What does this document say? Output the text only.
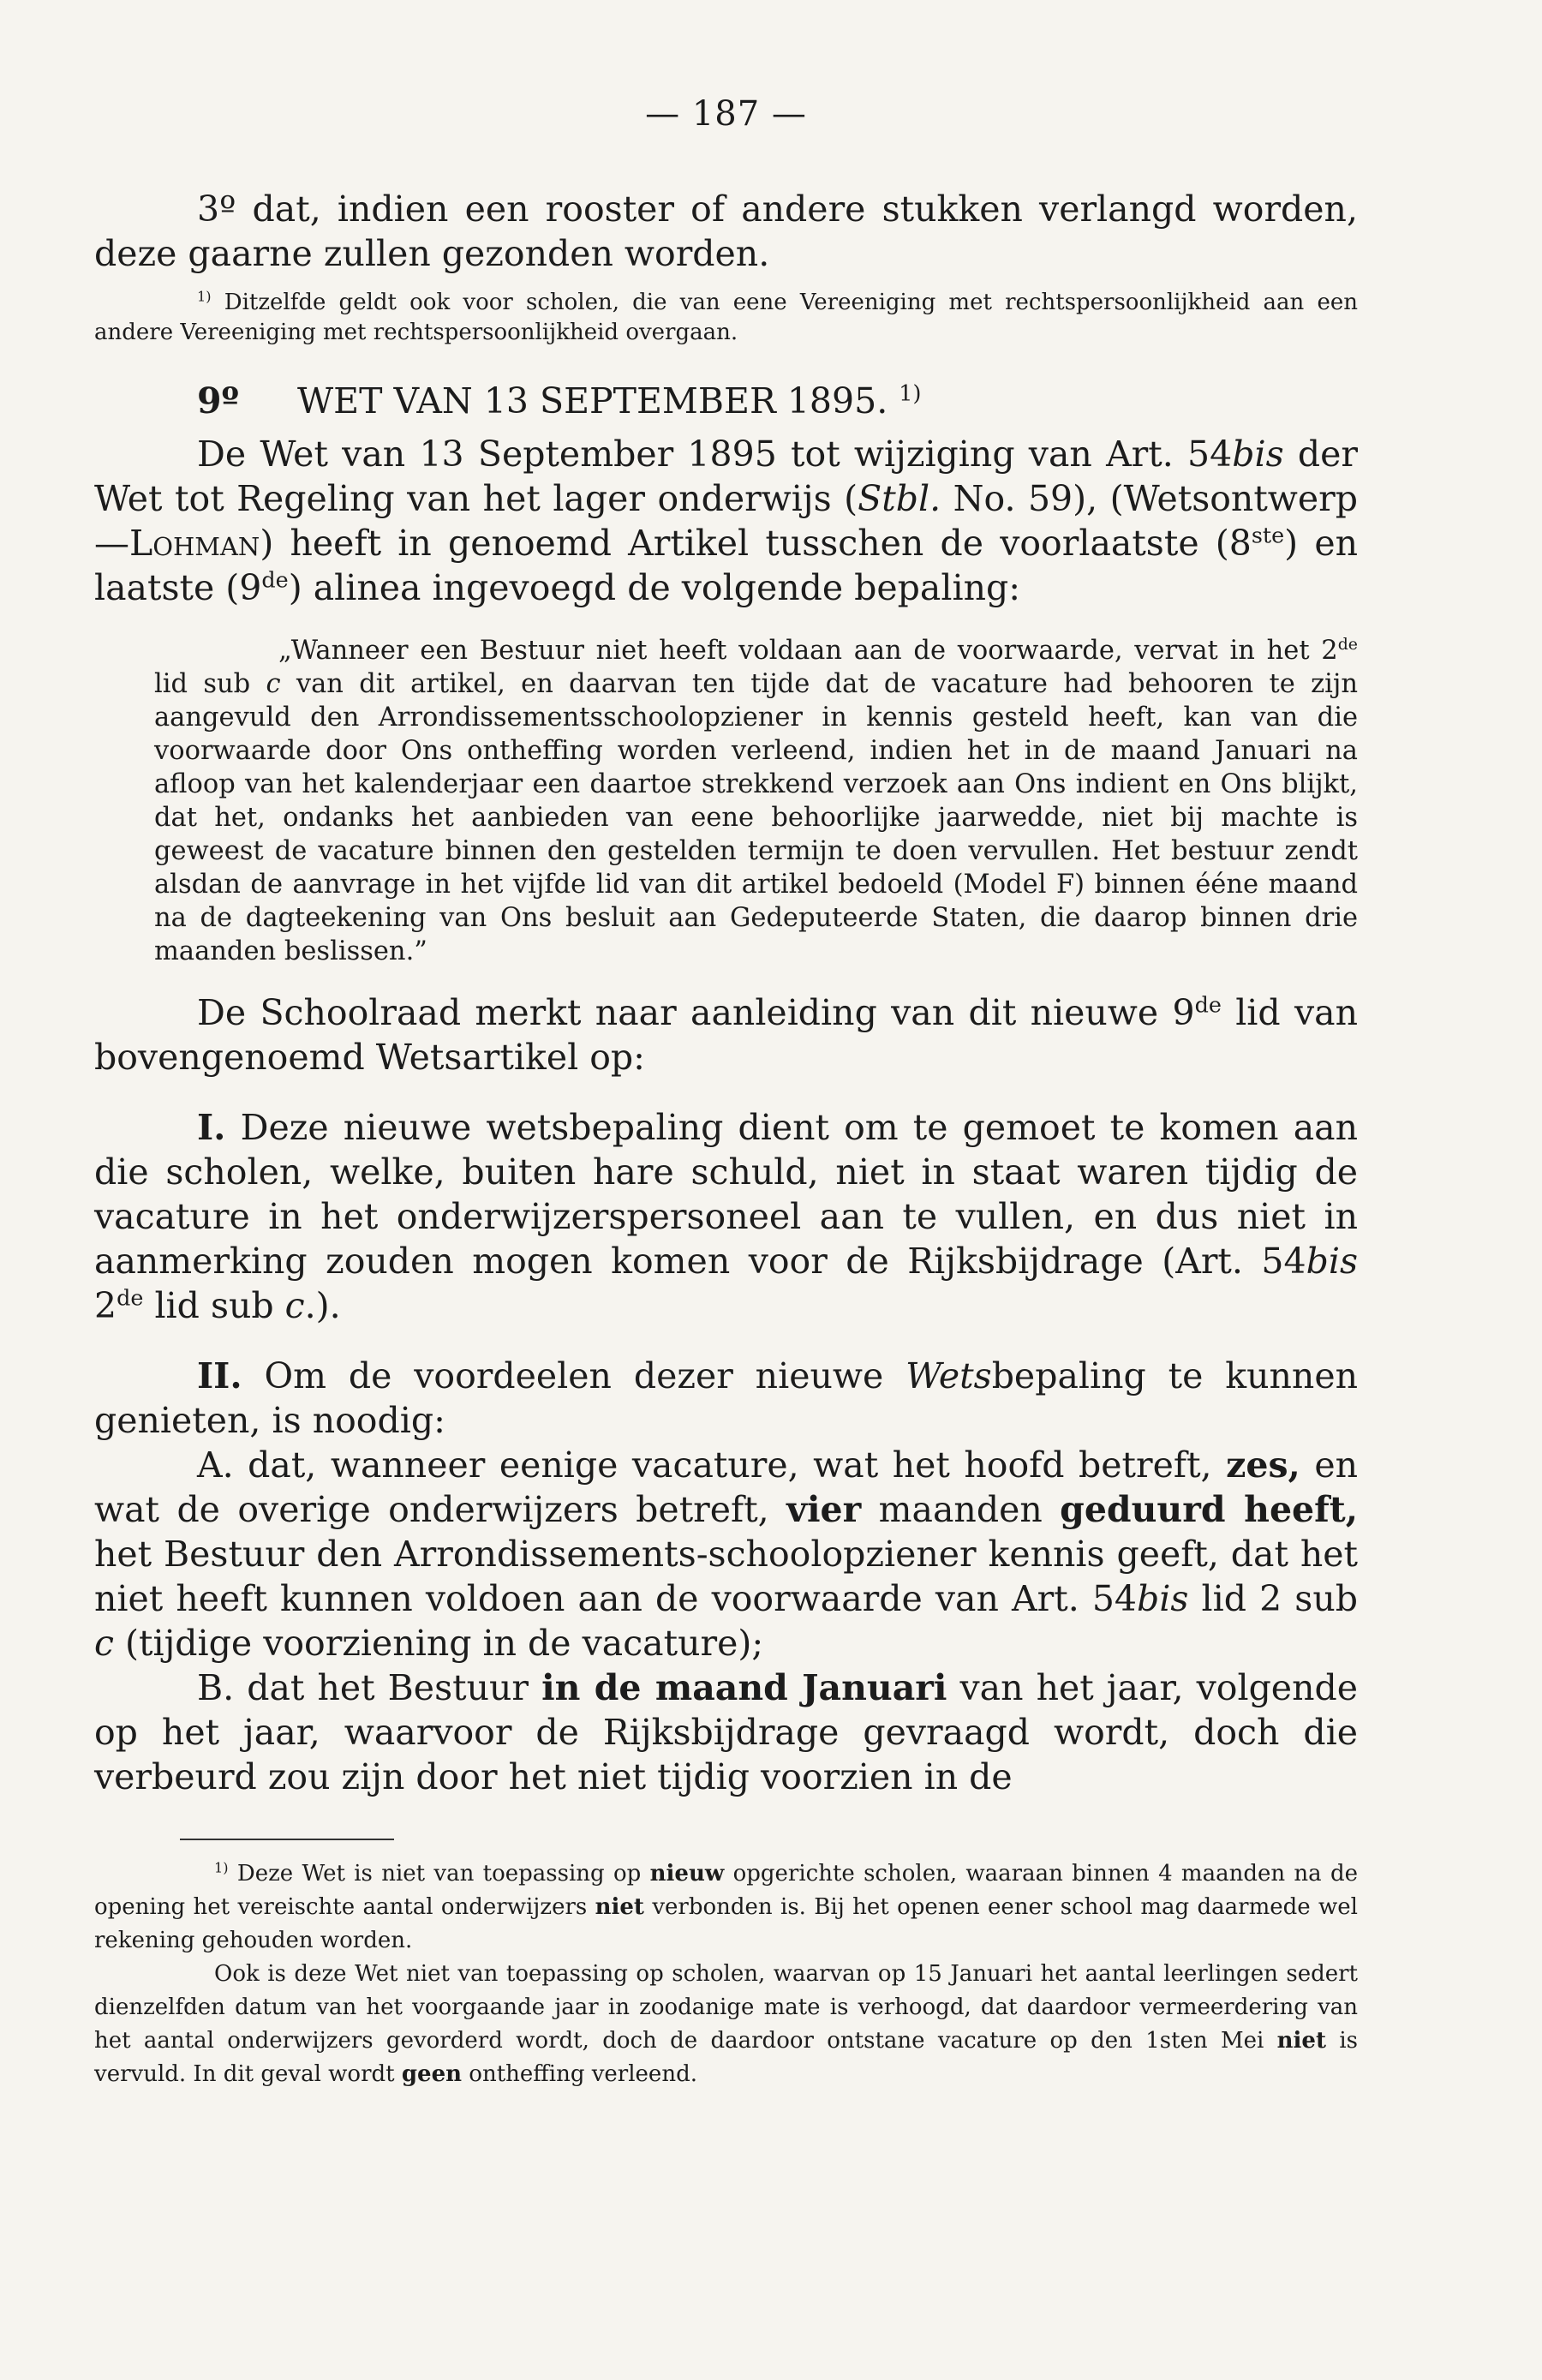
— 187 —

3º dat, indien een rooster of andere stukken verlangd worden, deze gaarne zullen gezonden worden.

$^{1)}$ Ditzelfde geldt ook voor scholen, die van eene Vereeniging met rechtspersoonlijkheid aan een andere Vereeniging met rechtspersoonlijkheid overgaan.

9º WET VAN 13 SEPTEMBER 1895. $^{1)}$

De Wet van 13 September 1895 tot wijziging van Art. 54bis der Wet tot Regeling van het lager onderwijs (Stbl. No. 59), (Wetsontwerp—Lohman) heeft in genoemd Artikel tusschen de voorlaatste (8ste) en laatste (9de) alinea ingevoegd de volgende bepaling:

„Wanneer een Bestuur niet heeft voldaan aan de voorwaarde, vervat in het 2de lid sub c van dit artikel, en daarvan ten tijde dat de vacature had behooren te zijn aangevuld den Arrondissementsschoolopziener in kennis gesteld heeft, kan van die voorwaarde door Ons ontheffing worden verleend, indien het in de maand Januari na afloop van het kalenderjaar een daartoe strekkend verzoek aan Ons indient en Ons blijkt, dat het, ondanks het aanbieden van eene behoorlijke jaarwedde, niet bij machte is geweest de vacature binnen den gestelden termijn te doen vervullen. Het bestuur zendt alsdan de aanvrage in het vijfde lid van dit artikel bedoeld (Model F) binnen éénе maand na de dagteekening van Ons besluit aan Gedeputeerde Staten, die daarop binnen drie maanden beslissen.”

De Schoolraad merkt naar aanleiding van dit nieuwe 9de lid van bovengenoemd Wetsartikel op:

I. Deze nieuwe wetsbepaling dient om te gemoet te komen aan die scholen, welke, buiten hare schuld, niet in staat waren tijdig de vacature in het onderwijzerspersoneel aan te vullen, en dus niet in aanmerking zouden mogen komen voor de Rijksbijdrage (Art. 54bis 2de lid sub c.).

II. Om de voordeelen dezer nieuwe Wetsbepaling te kunnen genieten, is noodig:

A. dat, wanneer eenige vacature, wat het hoofd betreft, zes, en wat de overige onderwijzers betreft, vier maanden geduurd heeft, het Bestuur den Arrondissements-schoolopziener kennis geeft, dat het niet heeft kunnen voldoen aan de voorwaarde van Art. 54bis lid 2 sub c (tijdige voorziening in de vacature);

B. dat het Bestuur in de maand Januari van het jaar, volgende op het jaar, waarvoor de Rijksbijdrage gevraagd wordt, doch die verbeurd zou zijn door het niet tijdig voorzien in de

$^{1)}$ Deze Wet is niet van toepassing op nieuw opgerichte scholen, waaraan binnen 4 maanden na de opening het vereischte aantal onderwijzers niet verbonden is. Bij het openen eener school mag daarmede wel rekening gehouden worden.

Ook is deze Wet niet van toepassing op scholen, waarvan op 15 Januari het aantal leerlingen sedert dienzelfden datum van het voorgaande jaar in zoodanige mate is verhoogd, dat daardoor vermeerdering van het aantal onderwijzers gevorderd wordt, doch de daardoor ontstane vacature op den 1sten Mei niet is vervuld. In dit geval wordt geen ontheffing verleend.
